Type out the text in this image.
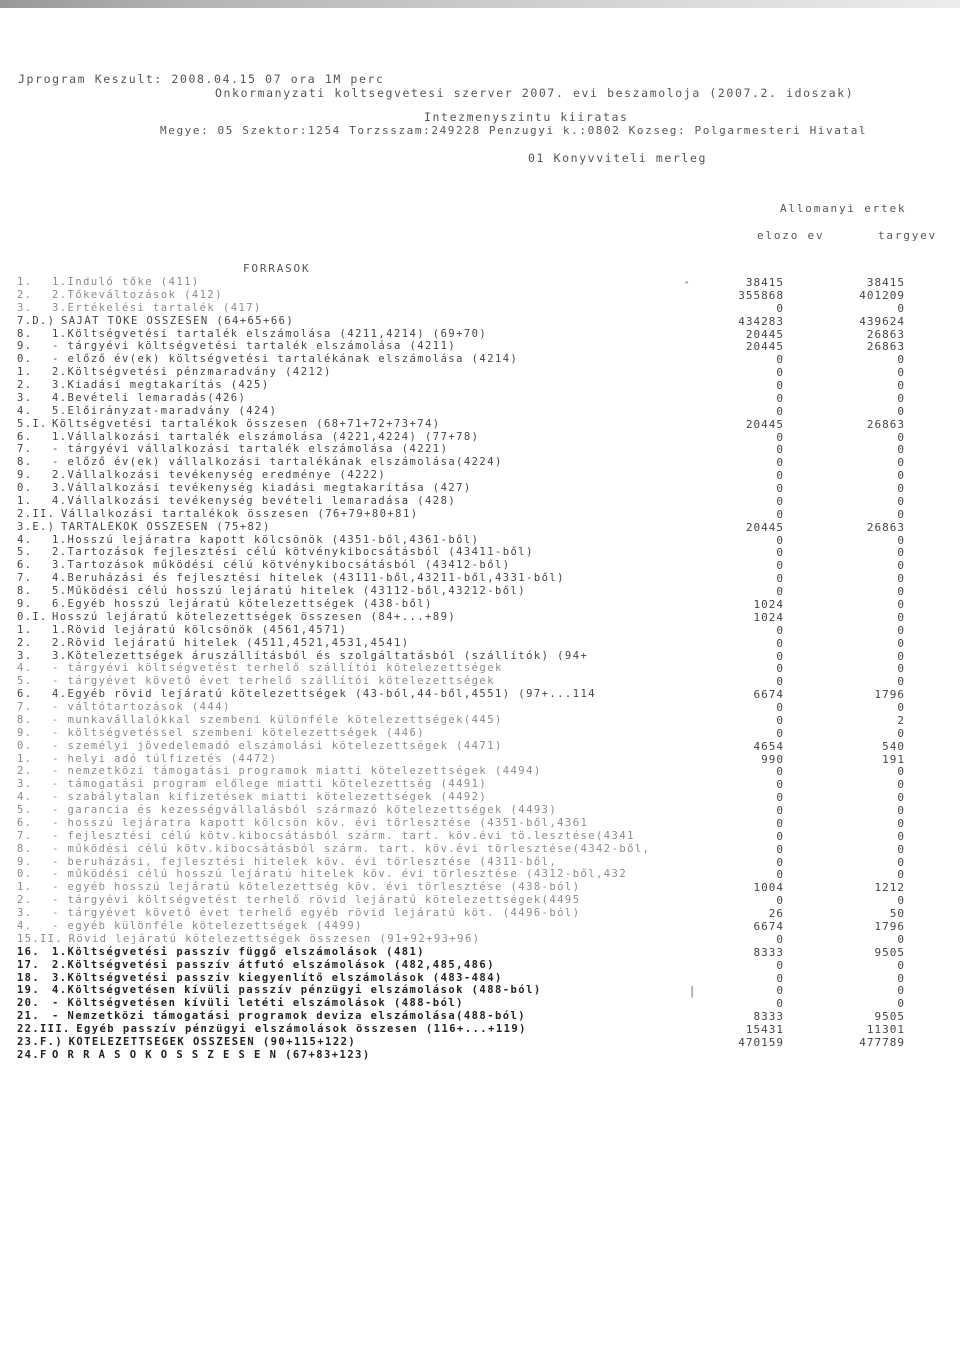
Jprogram Keszult: 2008.04.15 07 ora 1M perc
Onkormanyzati koltsegvetesi szerver 2007. evi beszamoloja (2007.2. idoszak)
Intezmenyszintu kiiratas
Megye: 05 Szektor:1254 Torzsszam:249228 Penzugyi k.:0802 Kozseg: Polgarmesteri Hivatal
01 Konyvviteli merleg
Allomanyi ertek
elozo ev	targyev
FORRASOK
1. 1.Induló tőke (411)	38415	38415
2. 2.Tőkeváltozások (412)	355868	401209
3. 3.Értékelési tartalék (417)	0	0
7.D.) SAJÁT TŐKE ÖSSZESEN (64+65+66)	434283	439624
8. 1.Költségvetési tartalék elszámolása (4211,4214) (69+70)	20445	26863
9. - tárgyévi költségvetési tartalék elszámolása (4211)	20445	26863
0. - előző év(ek) költségvetési tartalékának elszámolása (4214)	0	0
1. 2.Költségvetési pénzmaradvány (4212)	0	0
2. 3.Kiadási megtakarítás (425)	0	0
3. 4.Bevételi lemaradás(426)	0	0
4. 5.Előirányzat-maradvány (424)	0	0
5.I. Költségvetési tartalékok összesen (68+71+72+73+74)	20445	26863
6. 1.Vállalkozási tartalék elszámolása (4221,4224) (77+78)	0	0
7. - tárgyévi vállalkozási tartalék elszámolása (4221)	0	0
8. - előző év(ek) vállalkozási tartalékának elszámolása(4224)	0	0
9. 2.Vállalkozási tevékenység eredménye (4222)	0	0
0. 3.Vállalkozási tevékenység kiadási megtakarítása (427)	0	0
1. 4.Vállalkozási tevékenység bevételi lemaradása (428)	0	0
2.II. Vállalkozási tartalékok összesen (76+79+80+81)	0	0
3.E.) TARTALÉKOK ÖSSZESEN (75+82)	20445	26863
4. 1.Hosszú lejáratra kapott kölcsönök (4351-ből,4361-ből)	0	0
5. 2.Tartozások fejlesztési célú kötvénykibocsátásból (43411-ből)	0	0
6. 3.Tartozások működési célú kötvénykibocsátásból (43412-ből)	0	0
7. 4.Beruházási és fejlesztési hitelek (43111-ből,43211-ből,4331-ből)	0	0
8. 5.Működési célú hosszú lejáratú hitelek (43112-ből,43212-ből)	0	0
9. 6.Egyéb hosszú lejáratú kötelezettségek (438-ből)	1024	0
0.I. Hosszú lejáratú kötelezettségek összesen (84+...+89)	1024	0
1. 1.Rövid lejáratú kölcsönök (4561,4571)	0	0
2. 2.Rövid lejáratú hitelek (4511,4521,4531,4541)	0	0
3. 3.Kötelezettségek áruszállításból és szolgáltatásból (szállítók) (94+	0	0
4. - tárgyévi költségvetést terhelő szállítói kötelezettségek	0	0
5. - tárgyévet követő évet terhelő szállítói kötelezettségek	0	0
6. 4.Egyéb rövid lejáratú kötelezettségek (43-ból,44-ből,4551) (97+...114	6674	1796
7. - váltótartozások (444)	0	0
8. - munkavállalókkal szembeni különféle kötelezettségek(445)	0	2
9. - költségvetéssel szembeni kötelezettségek (446)	0	0
0. - személyi jövedelemadó elszámolási kötelezettségek (4471)	4654	540
1. - helyi adó túlfizetés (4472)	990	191
2. - nemzetközi támogatási programok miatti kötelezettségek (4494)	0	0
3. - támogatási program előlege miatti kötelezettség (4491)	0	0
4. - szabálytalan kifizetések miatti kötelezettségek (4492)	0	0
5. - garancia és kezességvállalásból származó kötelezettségek (4493)	0	0
6. - hosszú lejáratra kapott kölcsön köv. évi törlesztése (4351-ből,4361	0	0
7. - fejlesztési célú kötv.kibocsátásból szárm. tart. köv.évi tö.lesztése(4341	0	0
8. - működési célú kötv.kibocsátásból szárm. tart. köv.évi törlesztése(4342-ből,	0	0
9. - beruházási, fejlesztési hitelek köv. évi törlesztése (4311-ből,	0	0
0. - működési célú hosszú lejáratú hitelek köv. évi törlesztése (4312-ből,432	0	0
1. - egyéb hosszú lejáratú kötelezettség köv. évi törlesztése (438-ból)	1004	1212
2. - tárgyévi költségvetést terhelő rövid lejáratú kötelezettségek(4495	0	0
3. - tárgyévet követő évet terhelő egyéb rövid lejáratú köt. (4496-ból)	26	50
4. - egyéb különféle kötelezettségek (4499)	6674	1796
15.II. Rövid lejáratú kötelezettségek összesen (91+92+93+96)	0	0
16. 1.Költségvetési passzív függő elszámolások (481)	8333	9505
17. 2.Költségvetési passzív átfutó elszámolások (482,485,486)	0	0
18. 3.Költségvetési passzív kiegyenlítő elszámolások (483-484)	0	0
19. 4.Költségvetésen kívüli passzív pénzügyi elszámolások (488-ból)	0	0
20. - Költségvetésen kívüli letéti elszámolások (488-ból)	0	0
21. - Nemzetközi támogatási programok deviza elszámolása(488-ból)	8333	9505
22.III. Egyéb passzív pénzügyi elszámolások összesen (116+...+119)	15431	11301
23.F.) KÖTELEZETTSÉGEK ÖSSZESEN (90+115+122)	470159	477789
24.F O R R Á S O K Ö S S Z E S E N (67+83+123)
ˆ
❘
